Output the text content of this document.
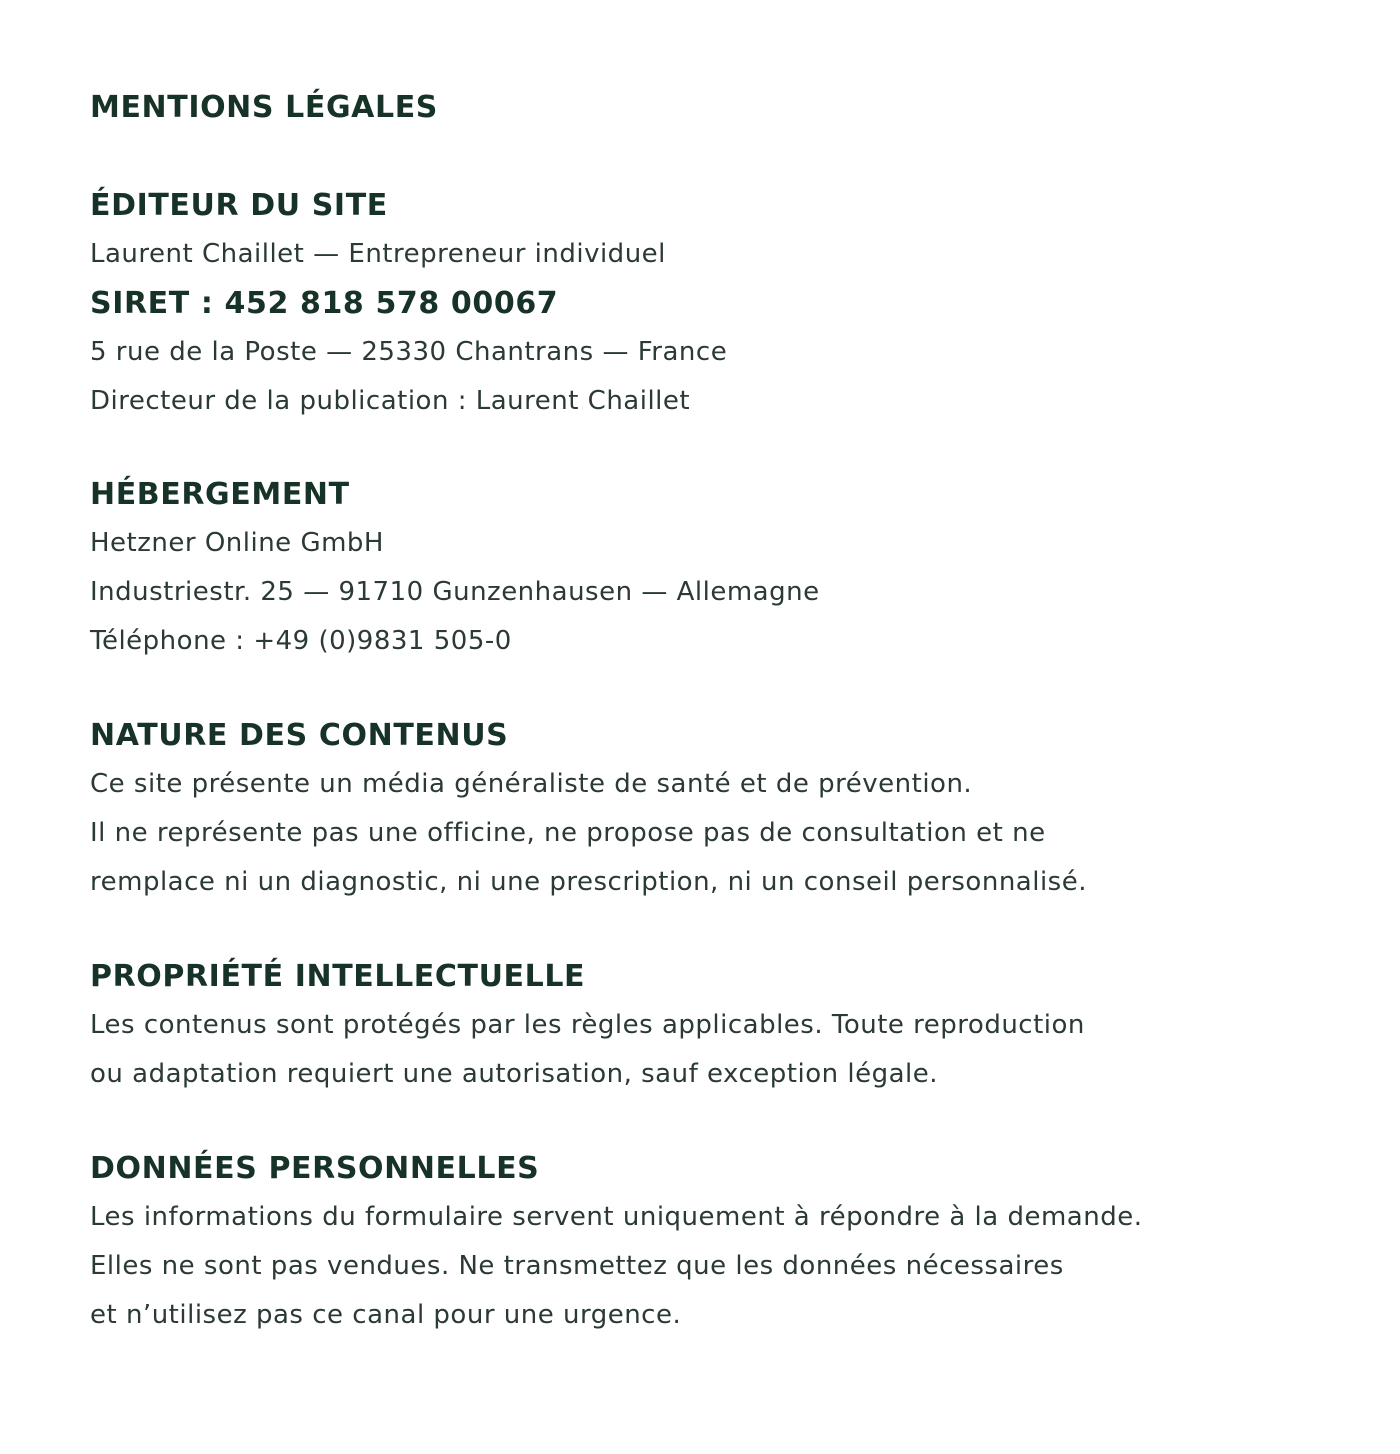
MENTIONS LÉGALES
ÉDITEUR DU SITE

Laurent Chaillet — Entrepreneur individuel

SIRET : 452 818 578 00067

5 rue de la Poste — 25330 Chantrans — France

Directeur de la publication : Laurent Chaillet

HÉBERGEMENT

Hetzner Online GmbH

Industriestr. 25 — 91710 Gunzenhausen — Allemagne

Téléphone : +49 (0)9831 505-0

NATURE DES CONTENUS

Ce site présente un média généraliste de santé et de prévention.

Il ne représente pas une officine, ne propose pas de consultation et ne

remplace ni un diagnostic, ni une prescription, ni un conseil personnalisé.

PROPRIÉTÉ INTELLECTUELLE

Les contenus sont protégés par les règles applicables. Toute reproduction

ou adaptation requiert une autorisation, sauf exception légale.

DONNÉES PERSONNELLES

Les informations du formulaire servent uniquement à répondre à la demande.

Elles ne sont pas vendues. Ne transmettez que les données nécessaires

et n’utilisez pas ce canal pour une urgence.
